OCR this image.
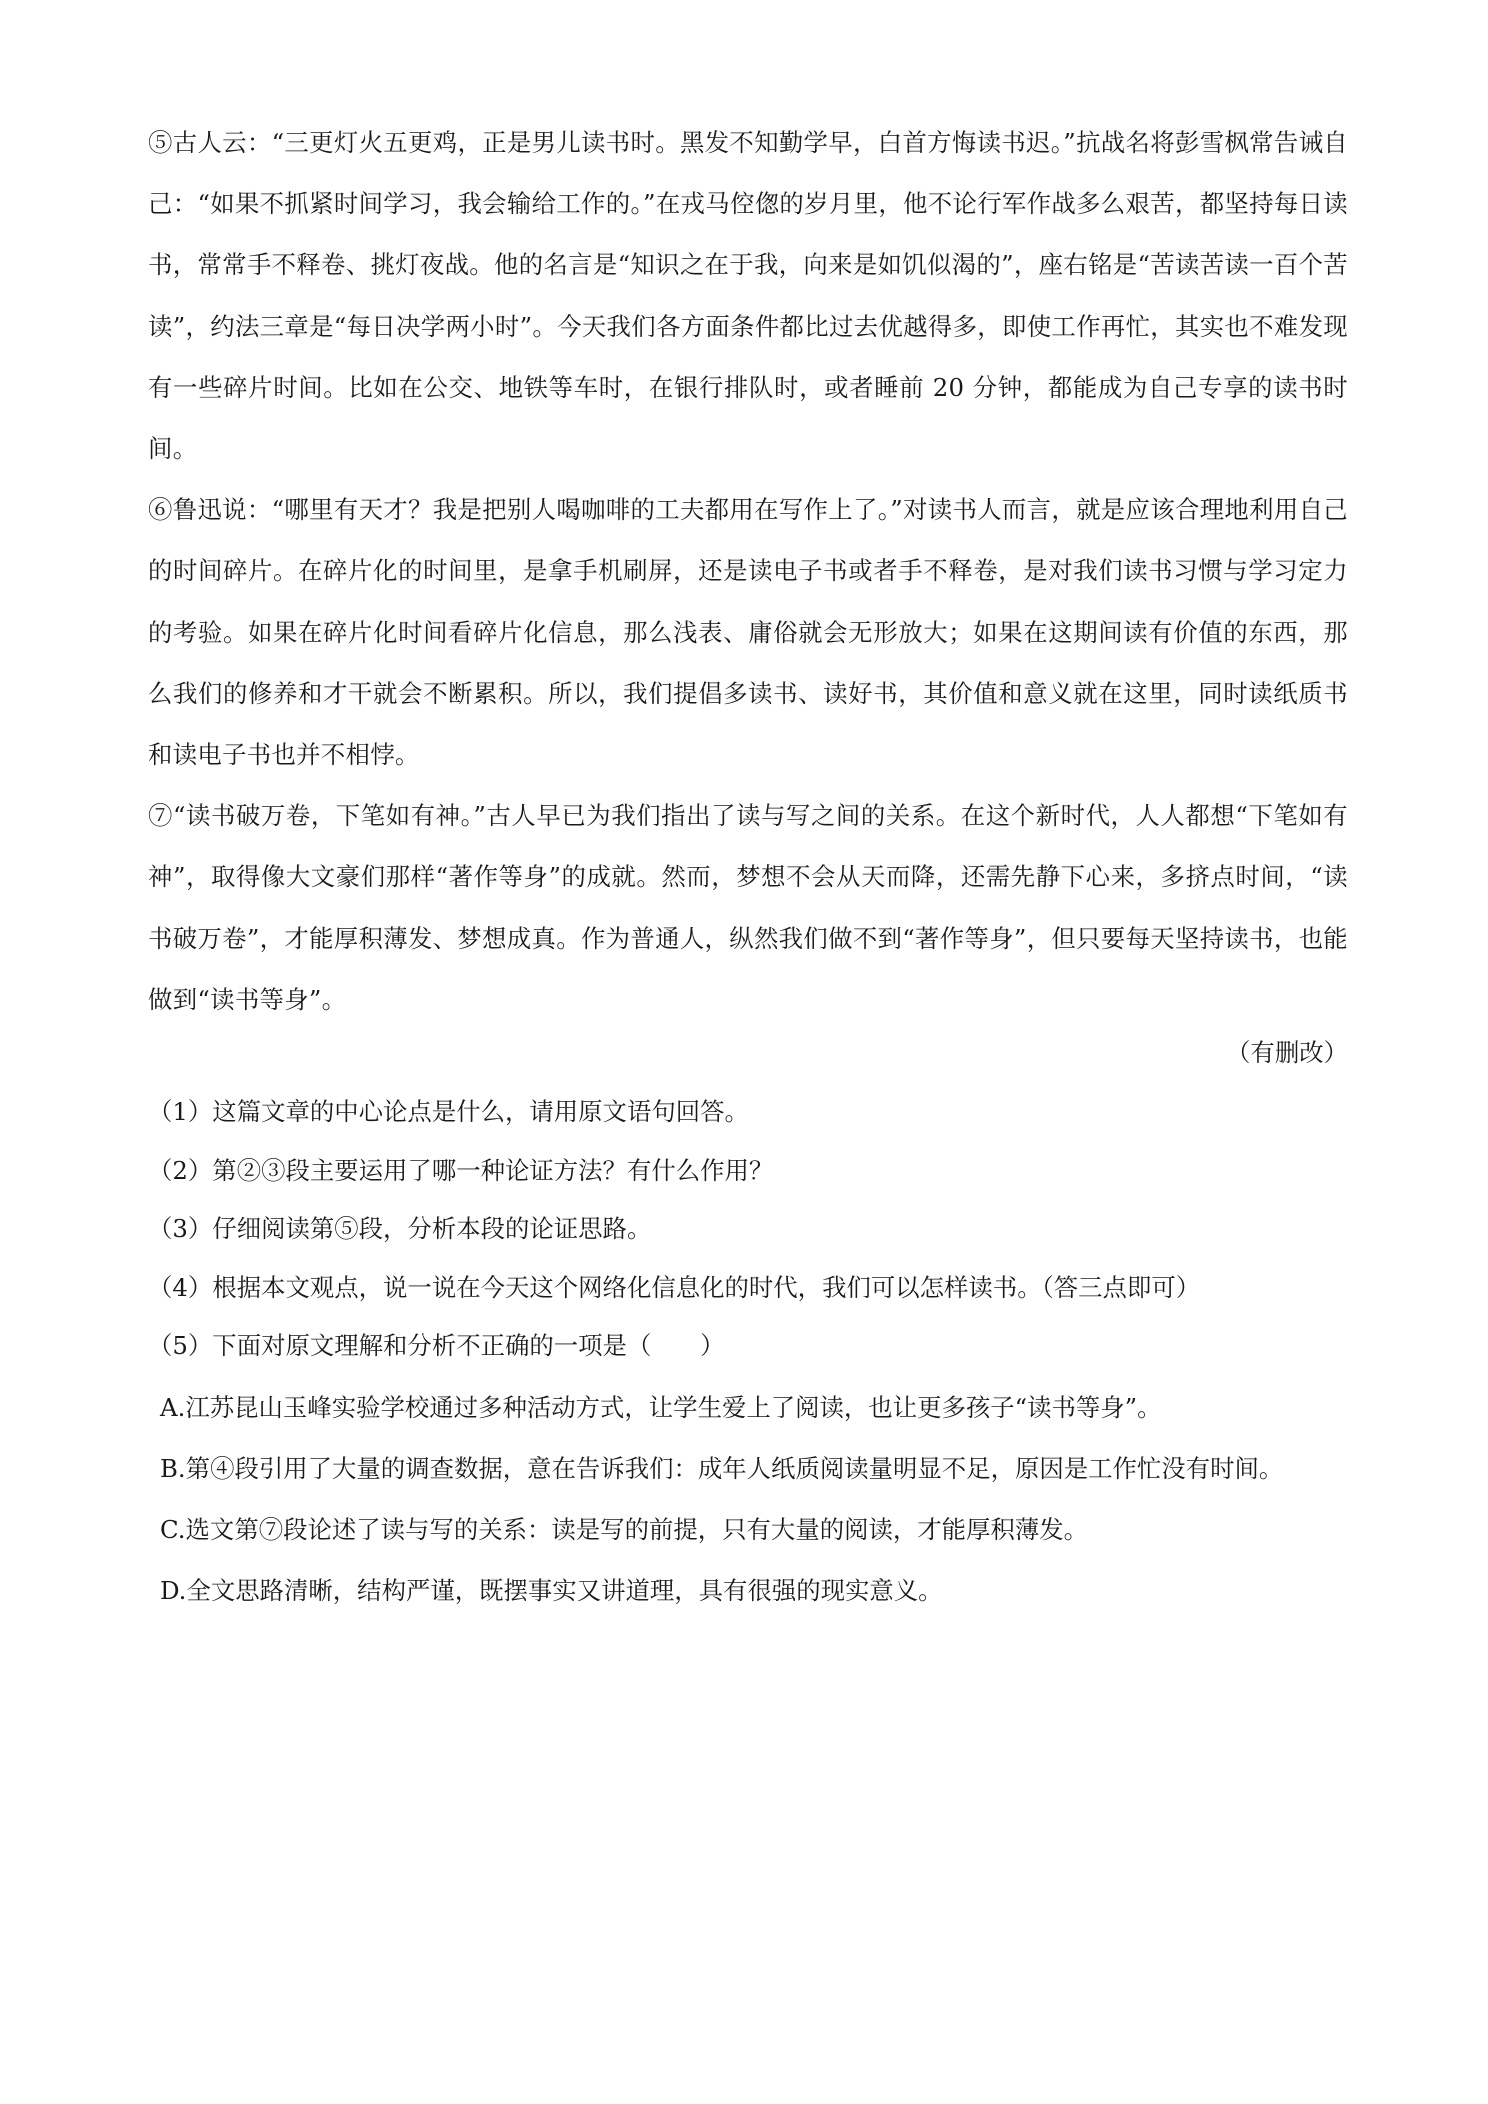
⑤古人云：“三更灯火五更鸡，正是男儿读书时。黑发不知勤学早，白首方悔读书迟。”抗战名将彭雪枫常告诫自己：“如果不抓紧时间学习，我会输给工作的。”在戎马倥偬的岁月里，他不论行军作战多么艰苦，都坚持每日读书，常常手不释卷、挑灯夜战。他的名言是“知识之在于我，向来是如饥似渴的”，座右铭是“苦读苦读一百个苦读”，约法三章是“每日决学两小时”。今天我们各方面条件都比过去优越得多，即使工作再忙，其实也不难发现有一些碎片时间。比如在公交、地铁等车时，在银行排队时，或者睡前 20 分钟，都能成为自己专享的读书时间。

⑥鲁迅说：“哪里有天才？我是把别人喝咖啡的工夫都用在写作上了。”对读书人而言，就是应该合理地利用自己的时间碎片。在碎片化的时间里，是拿手机刷屏，还是读电子书或者手不释卷，是对我们读书习惯与学习定力的考验。如果在碎片化时间看碎片化信息，那么浅表、庸俗就会无形放大；如果在这期间读有价值的东西，那么我们的修养和才干就会不断累积。所以，我们提倡多读书、读好书，其价值和意义就在这里，同时读纸质书和读电子书也并不相悖。

⑦“读书破万卷，下笔如有神。”古人早已为我们指出了读与写之间的关系。在这个新时代，人人都想“下笔如有神”，取得像大文豪们那样“著作等身”的成就。然而，梦想不会从天而降，还需先静下心来，多挤点时间，“读书破万卷”，才能厚积薄发、梦想成真。作为普通人，纵然我们做不到“著作等身”，但只要每天坚持读书，也能做到“读书等身”。

（有删改）

（1）这篇文章的中心论点是什么，请用原文语句回答。

（2）第②③段主要运用了哪一种论证方法？有什么作用？

（3）仔细阅读第⑤段，分析本段的论证思路。

（4）根据本文观点，说一说在今天这个网络化信息化的时代，我们可以怎样读书。（答三点即可）

（5）下面对原文理解和分析不正确的一项是（　　）

A.江苏昆山玉峰实验学校通过多种活动方式，让学生爱上了阅读，也让更多孩子“读书等身”。

B.第④段引用了大量的调查数据，意在告诉我们：成年人纸质阅读量明显不足，原因是工作忙没有时间。

C.选文第⑦段论述了读与写的关系：读是写的前提，只有大量的阅读，才能厚积薄发。

D.全文思路清晰，结构严谨，既摆事实又讲道理，具有很强的现实意义。
